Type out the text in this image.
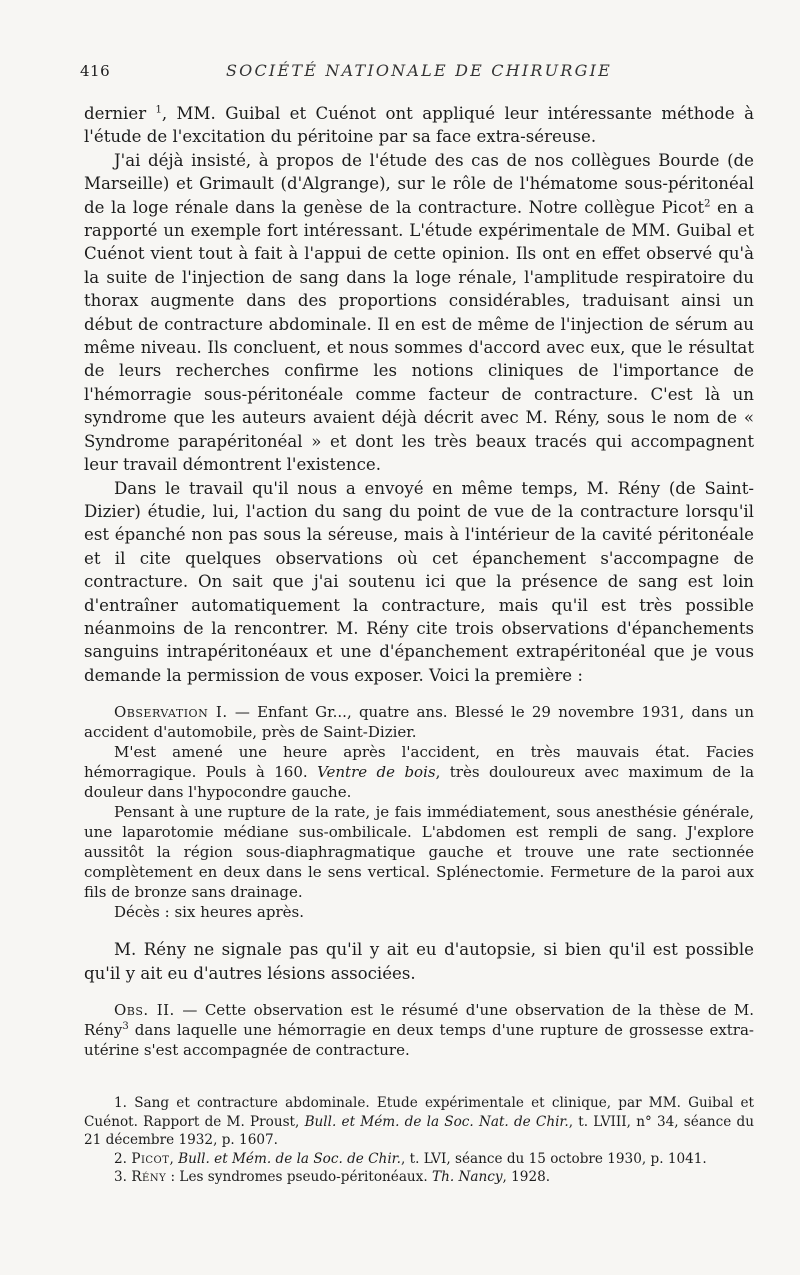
416	SOCIÉTÉ NATIONALE DE CHIRURGIE

dernier $^1$, MM. Guibal et Cuénot ont appliqué leur intéressante méthode à l'étude de l'excitation du péritoine par sa face extra-séreuse.

J'ai déjà insisté, à propos de l'étude des cas de nos collègues Bourde (de Marseille) et Grimault (d'Algrange), sur le rôle de l'hématome sous-péritonéal de la loge rénale dans la genèse de la contracture. Notre collègue Picot$^2$ en a rapporté un exemple fort intéressant. L'étude expérimentale de MM. Guibal et Cuénot vient tout à fait à l'appui de cette opinion. Ils ont en effet observé qu'à la suite de l'injection de sang dans la loge rénale, l'amplitude respiratoire du thorax augmente dans des proportions considérables, traduisant ainsi un début de contracture abdominale. Il en est de même de l'injection de sérum au même niveau. Ils concluent, et nous sommes d'accord avec eux, que le résultat de leurs recherches confirme les notions cliniques de l'importance de l'hémorragie sous-péritonéale comme facteur de contracture. C'est là un syndrome que les auteurs avaient déjà décrit avec M. Rény, sous le nom de « Syndrome parapéritonéal » et dont les très beaux tracés qui accompagnent leur travail démontrent l'existence.

Dans le travail qu'il nous a envoyé en même temps, M. Rény (de Saint-Dizier) étudie, lui, l'action du sang du point de vue de la contracture lorsqu'il est épanché non pas sous la séreuse, mais à l'intérieur de la cavité péritonéale et il cite quelques observations où cet épanchement s'accompagne de contracture. On sait que j'ai soutenu ici que la présence de sang est loin d'entraîner automatiquement la contracture, mais qu'il est très possible néanmoins de la rencontrer. M. Rény cite trois observations d'épanchements sanguins intrapéritonéaux et une d'épanchement extrapéritonéal que je vous demande la permission de vous exposer. Voici la première :

Observation I. — Enfant Gr..., quatre ans. Blessé le 29 novembre 1931, dans un accident d'automobile, près de Saint-Dizier.

M'est amené une heure après l'accident, en très mauvais état. Facies hémorragique. Pouls à 160. Ventre de bois, très douloureux avec maximum de la douleur dans l'hypocondre gauche.

Pensant à une rupture de la rate, je fais immédiatement, sous anesthésie générale, une laparotomie médiane sus-ombilicale. L'abdomen est rempli de sang. J'explore aussitôt la région sous-diaphragmatique gauche et trouve une rate sectionnée complètement en deux dans le sens vertical. Splénectomie. Fermeture de la paroi aux fils de bronze sans drainage.

Décès : six heures après.

M. Rény ne signale pas qu'il y ait eu d'autopsie, si bien qu'il est possible qu'il y ait eu d'autres lésions associées.

Obs. II. — Cette observation est le résumé d'une observation de la thèse de M. Rény$^3$ dans laquelle une hémorragie en deux temps d'une rupture de grossesse extra-utérine s'est accompagnée de contracture.

1. Sang et contracture abdominale. Etude expérimentale et clinique, par MM. Guibal et Cuénot. Rapport de M. Proust, Bull. et Mém. de la Soc. Nat. de Chir., t. LVIII, n° 34, séance du 21 décembre 1932, p. 1607.

2. Picot, Bull. et Mém. de la Soc. de Chir., t. LVI, séance du 15 octobre 1930, p. 1041.

3. Rény : Les syndromes pseudo-péritonéaux. Th. Nancy, 1928.
